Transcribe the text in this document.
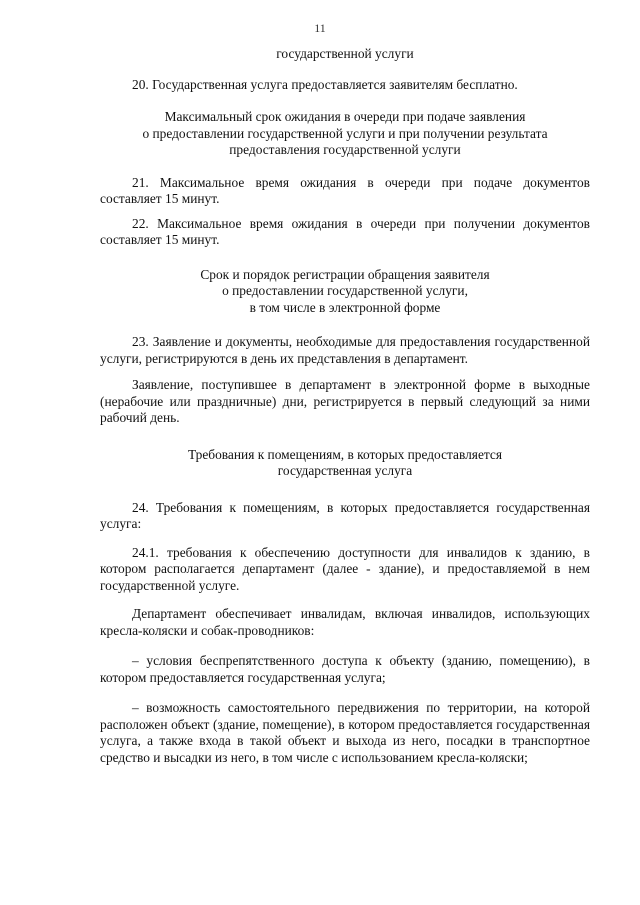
11

государственной услуги

20. Государственная услуга предоставляется заявителям бесплатно.

Максимальный срок ожидания в очереди при подаче заявления

о предоставлении государственной услуги и при получении результата

предоставления государственной услуги

21. Максимальное время ожидания в очереди при подаче документов составляет 15 минут.

22. Максимальное время ожидания в очереди при получении документов составляет 15 минут.

Срок и порядок регистрации обращения заявителя

о предоставлении государственной услуги,

в том числе в электронной форме

23. Заявление и документы, необходимые для предоставления государственной услуги, регистрируются в день их представления в департамент.

Заявление, поступившее в департамент в электронной форме в выходные (нерабочие или праздничные) дни, регистрируется в первый следующий за ними рабочий день.

Требования к помещениям, в которых предоставляется

государственная услуга

24. Требования к помещениям, в которых предоставляется государственная услуга:

24.1. требования к обеспечению доступности для инвалидов к зданию, в котором располагается департамент (далее - здание), и предоставляемой в нем государственной услуге.

Департамент обеспечивает инвалидам, включая инвалидов, использующих кресла-коляски и собак-проводников:

– условия беспрепятственного доступа к объекту (зданию, помещению), в котором предоставляется государственная услуга;

– возможность самостоятельного передвижения по территории, на которой расположен объект (здание, помещение), в котором предоставляется государственная услуга, а также входа в такой объект и выхода из него, посадки в транспортное средство и высадки из него, в том числе с использованием кресла-коляски;
